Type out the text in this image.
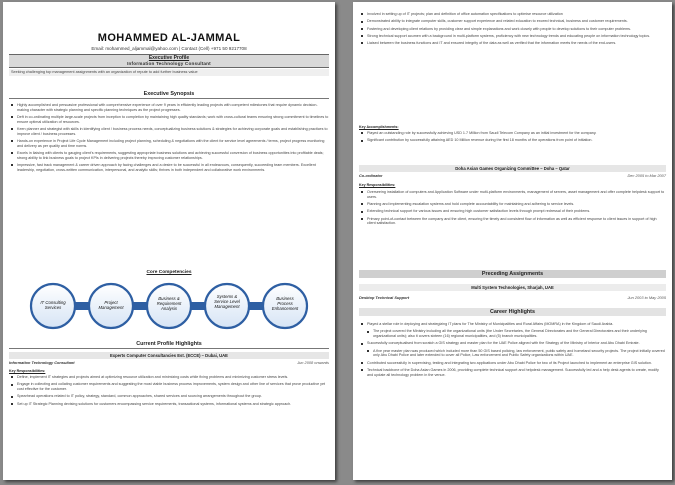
MOHAMMED AL-JAMMAL
Email: mohammed_aljammal@yahoo.com | Contact (Cell) +971 50 9217708
Executive Profile
Information Technology Consultant
Seeking challenging top management assignments with an organization of repute to add further business value
Executive Synopsis
Highly accomplished and persuasive professional with comprehensive experience of over 9 years in efficiently leading projects with competent milestones that require dynamic decision-making character with strategic planning and specific planning techniques as the project progresses.
Deft in co-ordinating multiple large-scale projects from inception to completion by maintaining high quality standards; work with cross-cultural teams ensuring strong commitment to timelines to ensure optimal utilization of resources.
Keen planner and strategist with skills in identifying client / business process needs, conceptualizing business solutions & strategies for achieving corporate goals and establishing practices to improve client / business processes.
Hands-on experience in Project Life Cycle Management including project planning, scheduling & negotiations with the client for service level agreements / terms, project progress monitoring and delivery as per quality and time norms.
Excels in liaising with clients to gauging client's requirements, suggesting appropriate business solutions and achieving successful conversion of business opportunities into profitable deals; strong ability to link business goals to project KPIs in delivering projects thereby improving customer relationships.
Impressive, fast track management & career driven approach by facing challenges and a desire to be successful in all endeavours, consequently, succeeding team members. Excellent leadership, negotiation, cross-written communication, interpersonal, and analytic skills; thrives in both independent and collaborative work environments.
Core Competencies
IT Consulting Services
Project Management
Business & Requirement Analysis
Systems & Service Level Management
Business Process Enhancement
Current Profile Highlights
Experts Computer Consultancies Est. (ECCE) – Dubai, UAE
Information Technology Consultant	Jun 2008 onwards
Key Responsibilities:
Define, implement IT strategies and projects aimed at optimizing resource utilization and minimizing costs while fixing problems and minimizing customer stress levels.
Engage in collecting and collating customer requirements and suggesting the most viable business process improvements, system design and other line of services that prove productive yet cost effective for the customer.
Spearhead operations related to IT policy, strategy, standard, common approaches, shared services and sourcing arrangements throughout the group.
Set up IT Strategic Planning devising solutions for customers encompassing service requirements, transactional systems, informational systems and strategic approach.
Involved in setting up of IT projects; plan and definition of office automation specifications to optimise resource utilization
Demonstrated ability to integrate computer skills, customer support experience and related education to exceed technical, business and customer requirements.
Fostering and developing client relations by providing clear and simple explanations and work closely with people to develop solutions to their computer problems.
Strong technical support acumen with a background in multi-platform systems, proficiency with new technology trends and educating people on information technology topics.
Liaised between the business functions and IT and ensured integrity of the data as well as verified that the information meets the needs of the end-users.
Key Accomplishments:
Played an outstanding role by successfully achieving USD 1.7 Million from Saudi Telecom Company as an initial investment for the company.
Significant contribution by successfully attaining AED 10 Million revenue during the first 18 months of the operations from point of initiation.
Doha Asian Games Organizing Committee – Doha – Qatar
Co-ordinator	Dec 2005 to Mar 2007
Key Responsibilities:
Overseeing installation of computers and Application Software under multi-platform environments, management of servers, asset management and offer complete helpdesk support to users.
Planning and implementing escalation systems and hold complete accountability for maintaining and adhering to service levels.
Extending technical support for various issues and ensuring high customer satisfaction levels through prompt redressal of their problems.
Primary point-of-contact between the company and the client, ensuring the timely and consistent flow of information as well as efficient response to client issues in support of high client satisfaction.
Preceding Assignments
Multi System Technologies, Sharjah, UAE
Desktop Technical Support	Jun 2003 to May 2005
Career Highlights
Played a stellar role in deploying and strategizing IT plans for The Ministry of Municipalities and Rural Affairs (MOMRA) in the Kingdom of Saudi Arabia.
The project covered the Ministry including all the organizational units (the Under Secretaries, the General Directorates and the General Directorates and their underlying organizational units); also it covers sixteen (16) regional municipalities, and (5) branch municipalities.
Successfully conceptualised from scratch a GIS strategy and master plan for the UAE Police aligned with the Strategy of the Ministry of Interior and Abu Dhabi Emirate.
A five year master plan was produced which included more than 50 GIS based policing, law enforcement, public safety and homeland security projects. The project initially covered only Abu Dhabi Police and later extended to cover all Police, Law enforcement and Public Safety organizations within UAE.
Contributed successfully in supervising, testing and integrating two applications under Abu Dhabi Police for two of its Project launched to implement an enterprise GIS solution.
Technical backbone of the Doha Asian Games in 2006, providing complete technical support and helpdesk management. Successfully led and a help desk agents to create, modify and update all technology problem in the venue.
